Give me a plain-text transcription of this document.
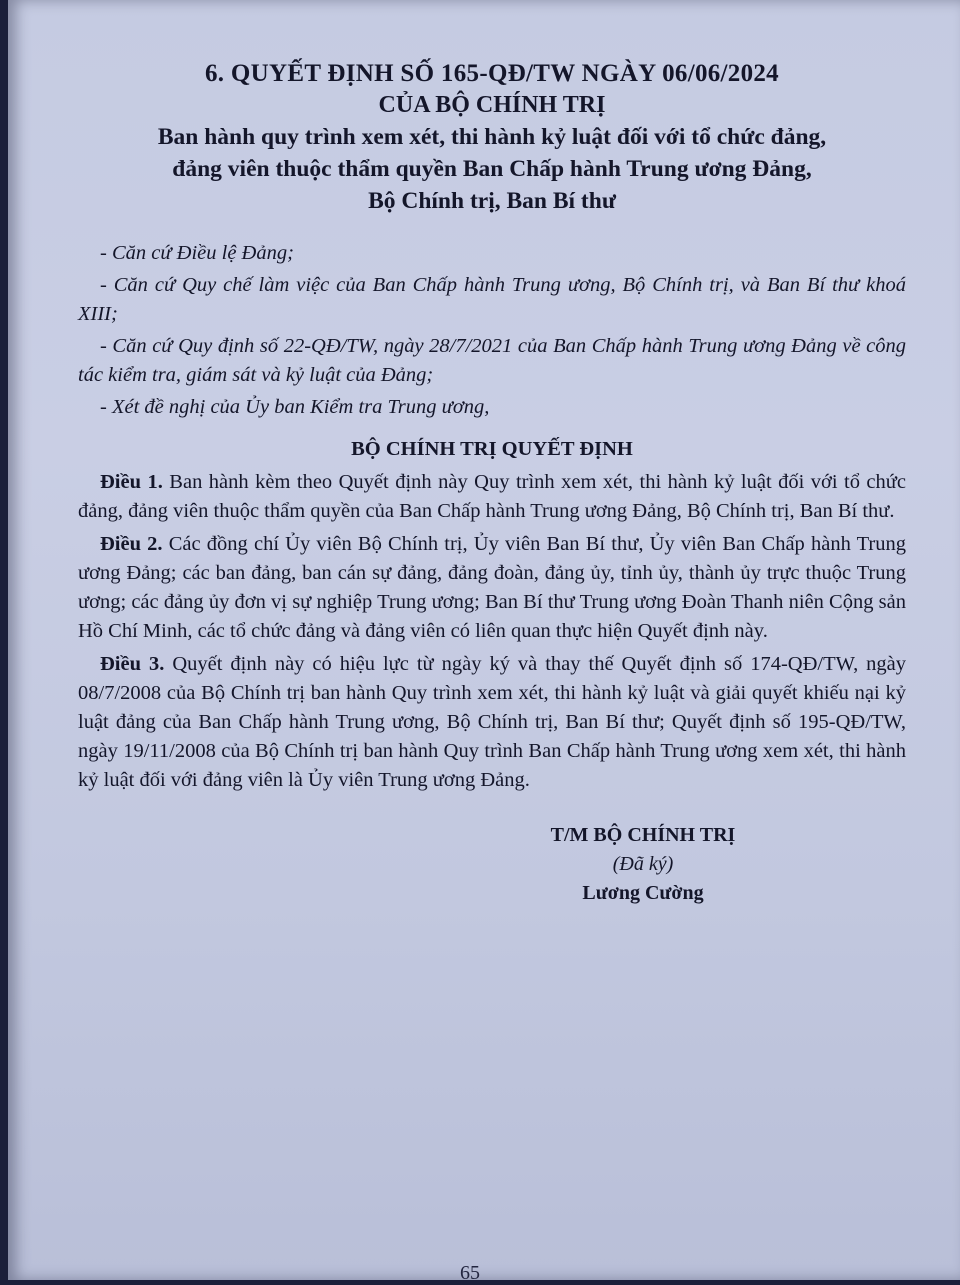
6. QUYẾT ĐỊNH SỐ 165-QĐ/TW NGÀY 06/06/2024
CỦA BỘ CHÍNH TRỊ
Ban hành quy trình xem xét, thi hành kỷ luật đối với tổ chức đảng,
đảng viên thuộc thẩm quyền Ban Chấp hành Trung ương Đảng,
Bộ Chính trị, Ban Bí thư

- Căn cứ Điều lệ Đảng;

- Căn cứ Quy chế làm việc của Ban Chấp hành Trung ương, Bộ Chính trị, và Ban Bí thư khoá XIII;

- Căn cứ Quy định số 22-QĐ/TW, ngày 28/7/2021 của Ban Chấp hành Trung ương Đảng về công tác kiểm tra, giám sát và kỷ luật của Đảng;

- Xét đề nghị của Ủy ban Kiểm tra Trung ương,

BỘ CHÍNH TRỊ QUYẾT ĐỊNH

Điều 1. Ban hành kèm theo Quyết định này Quy trình xem xét, thi hành kỷ luật đối với tổ chức đảng, đảng viên thuộc thẩm quyền của Ban Chấp hành Trung ương Đảng, Bộ Chính trị, Ban Bí thư.

Điều 2. Các đồng chí Ủy viên Bộ Chính trị, Ủy viên Ban Bí thư, Ủy viên Ban Chấp hành Trung ương Đảng; các ban đảng, ban cán sự đảng, đảng đoàn, đảng ủy, tỉnh ủy, thành ủy trực thuộc Trung ương; các đảng ủy đơn vị sự nghiệp Trung ương; Ban Bí thư Trung ương Đoàn Thanh niên Cộng sản Hồ Chí Minh, các tổ chức đảng và đảng viên có liên quan thực hiện Quyết định này.

Điều 3. Quyết định này có hiệu lực từ ngày ký và thay thế Quyết định số 174-QĐ/TW, ngày 08/7/2008 của Bộ Chính trị ban hành Quy trình xem xét, thi hành kỷ luật và giải quyết khiếu nại kỷ luật đảng của Ban Chấp hành Trung ương, Bộ Chính trị, Ban Bí thư; Quyết định số 195-QĐ/TW, ngày 19/11/2008 của Bộ Chính trị ban hành Quy trình Ban Chấp hành Trung ương xem xét, thi hành kỷ luật đối với đảng viên là Ủy viên Trung ương Đảng.

T/M BỘ CHÍNH TRỊ
(Đã ký)
Lương Cường
65
